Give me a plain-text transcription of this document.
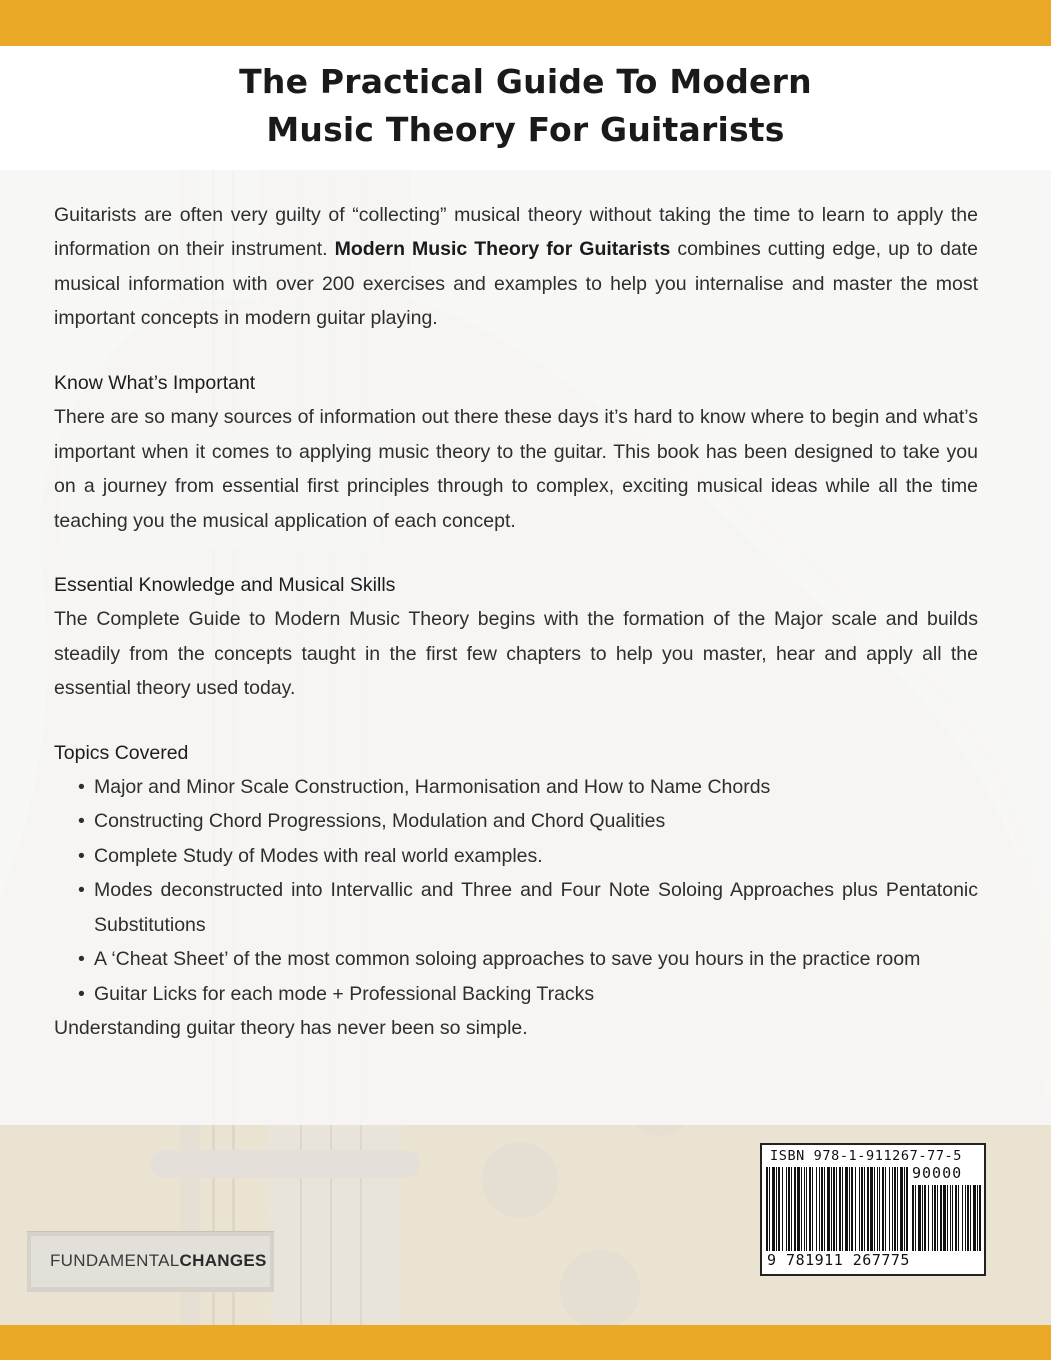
The Practical Guide To Modern
Music Theory For Guitarists

Guitarists are often very guilty of “collecting” musical theory without taking the time to learn to apply the information on their instrument. Modern Music Theory for Guitarists combines cutting edge, up to date musical information with over 200 exercises and examples to help you internalise and master the most important concepts in modern guitar playing.

Know What’s Important

There are so many sources of information out there these days it’s hard to know where to begin and what’s important when it comes to applying music theory to the guitar. This book has been designed to take you on a journey from essential first principles through to complex, exciting musical ideas while all the time teaching you the musical application of each concept.

Essential Knowledge and Musical Skills

The Complete Guide to Modern Music Theory begins with the formation of the Major scale and builds steadily from the concepts taught in the first few chapters to help you master, hear and apply all the essential theory used today.

Topics Covered
• Major and Minor Scale Construction, Harmonisation and How to Name Chords
• Constructing Chord Progressions, Modulation and Chord Qualities
• Complete Study of Modes with real world examples.
• Modes deconstructed into Intervallic and Three and Four Note Soloing Approaches plus Pentatonic Substitutions
• A ‘Cheat Sheet’ of the most common soloing approaches to save you hours in the practice room
• Guitar Licks for each mode + Professional Backing Tracks

Understanding guitar theory has never been so simple.

FUNDAMENTALCHANGES
ISBN 978-1-911267-77-5
90000
9 781911 267775
